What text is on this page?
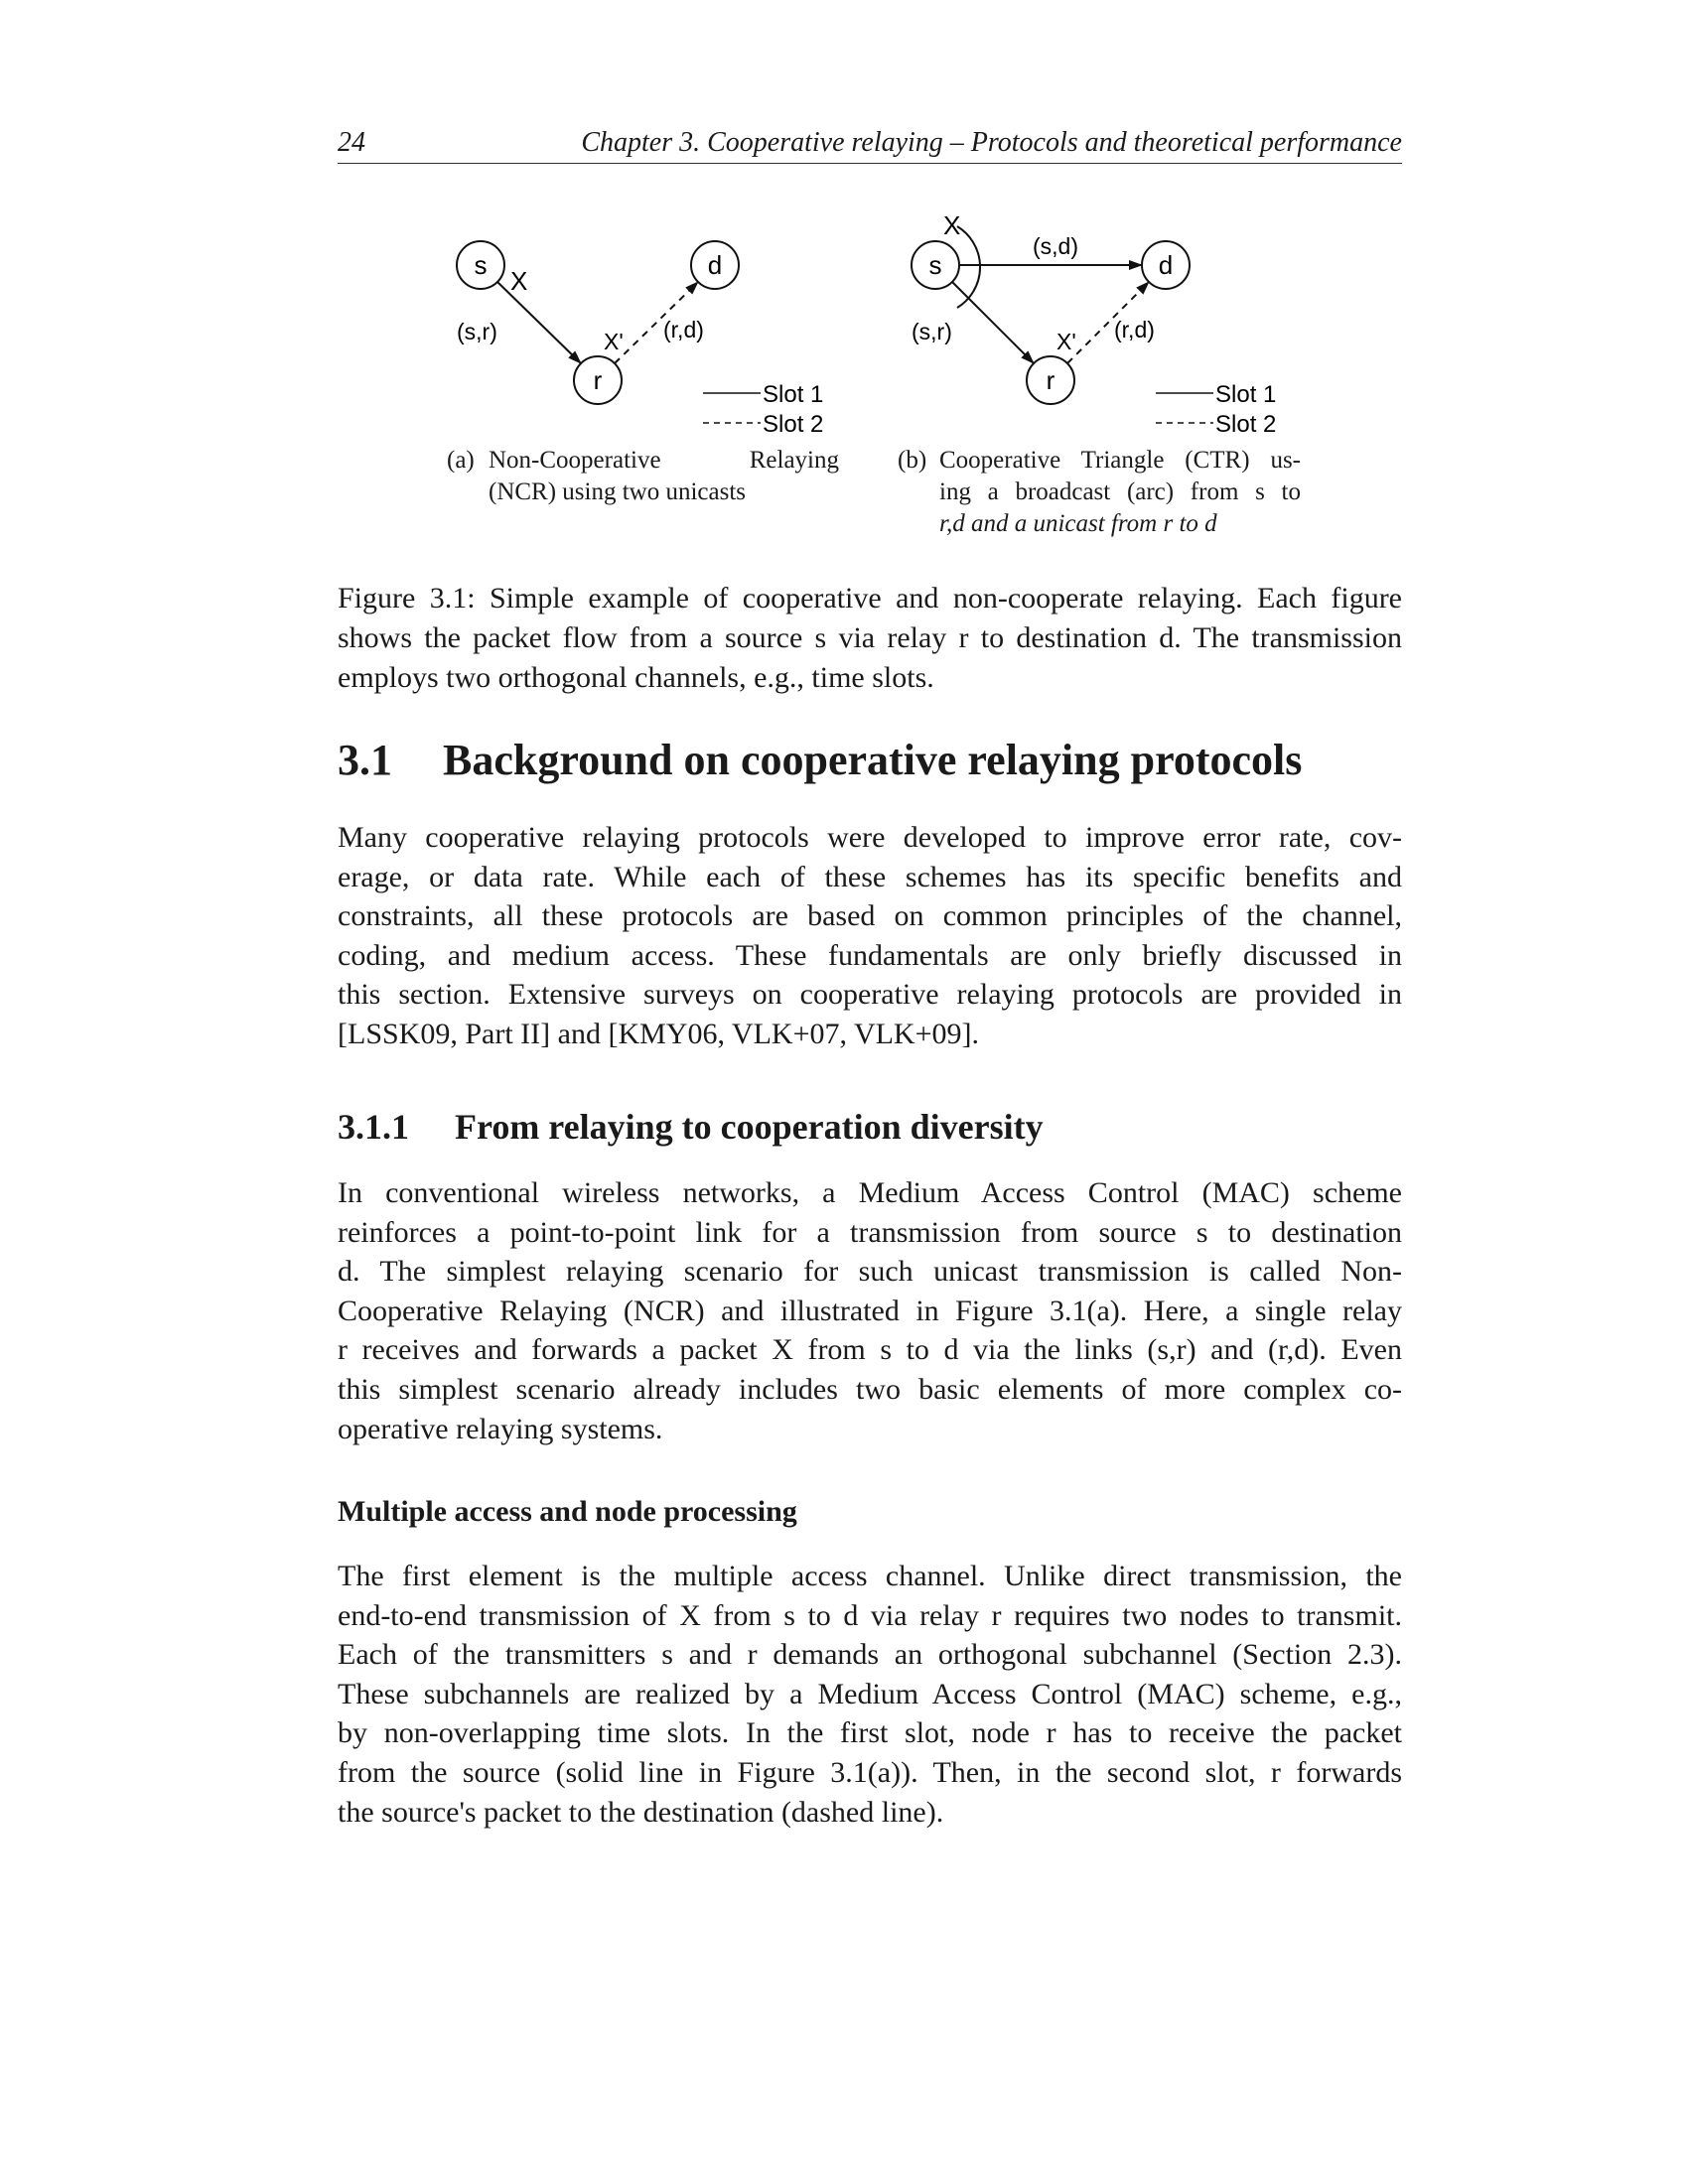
24	Chapter 3. Cooperative relaying – Protocols and theoretical performance
s	d
r
X
(s,r)	X' (r,d)
Slot 1
Slot 2
s	d
r
X
(s,d)
(s,r)	X' (r,d)
Slot 1
Slot 2
(a) Non-Cooperative Relaying
(NCR) using two unicasts
(b) Cooperative Triangle (CTR) us-
ing a broadcast (arc) from s to
r,d and a unicast from r to d
Figure 3.1: Simple example of cooperative and non-cooperate relaying. Each figure shows the packet flow from a source s via relay r to destination d. The transmission employs two orthogonal channels, e.g., time slots.
3.1 Background on cooperative relaying protocols
Many cooperative relaying protocols were developed to improve error rate, cov-
erage, or data rate. While each of these schemes has its specific benefits and
constraints, all these protocols are based on common principles of the channel,
coding, and medium access. These fundamentals are only briefly discussed in
this section. Extensive surveys on cooperative relaying protocols are provided in
[LSSK09, Part II] and [KMY06, VLK+07, VLK+09].
3.1.1 From relaying to cooperation diversity
In conventional wireless networks, a Medium Access Control (MAC) scheme
reinforces a point-to-point link for a transmission from source s to destination
d. The simplest relaying scenario for such unicast transmission is called Non-
Cooperative Relaying (NCR) and illustrated in Figure 3.1(a). Here, a single relay
r receives and forwards a packet X from s to d via the links (s,r) and (r,d). Even
this simplest scenario already includes two basic elements of more complex co-
operative relaying systems.
Multiple access and node processing
The first element is the multiple access channel. Unlike direct transmission, the
end-to-end transmission of X from s to d via relay r requires two nodes to transmit.
Each of the transmitters s and r demands an orthogonal subchannel (Section 2.3).
These subchannels are realized by a Medium Access Control (MAC) scheme, e.g.,
by non-overlapping time slots. In the first slot, node r has to receive the packet
from the source (solid line in Figure 3.1(a)). Then, in the second slot, r forwards
the source's packet to the destination (dashed line).
